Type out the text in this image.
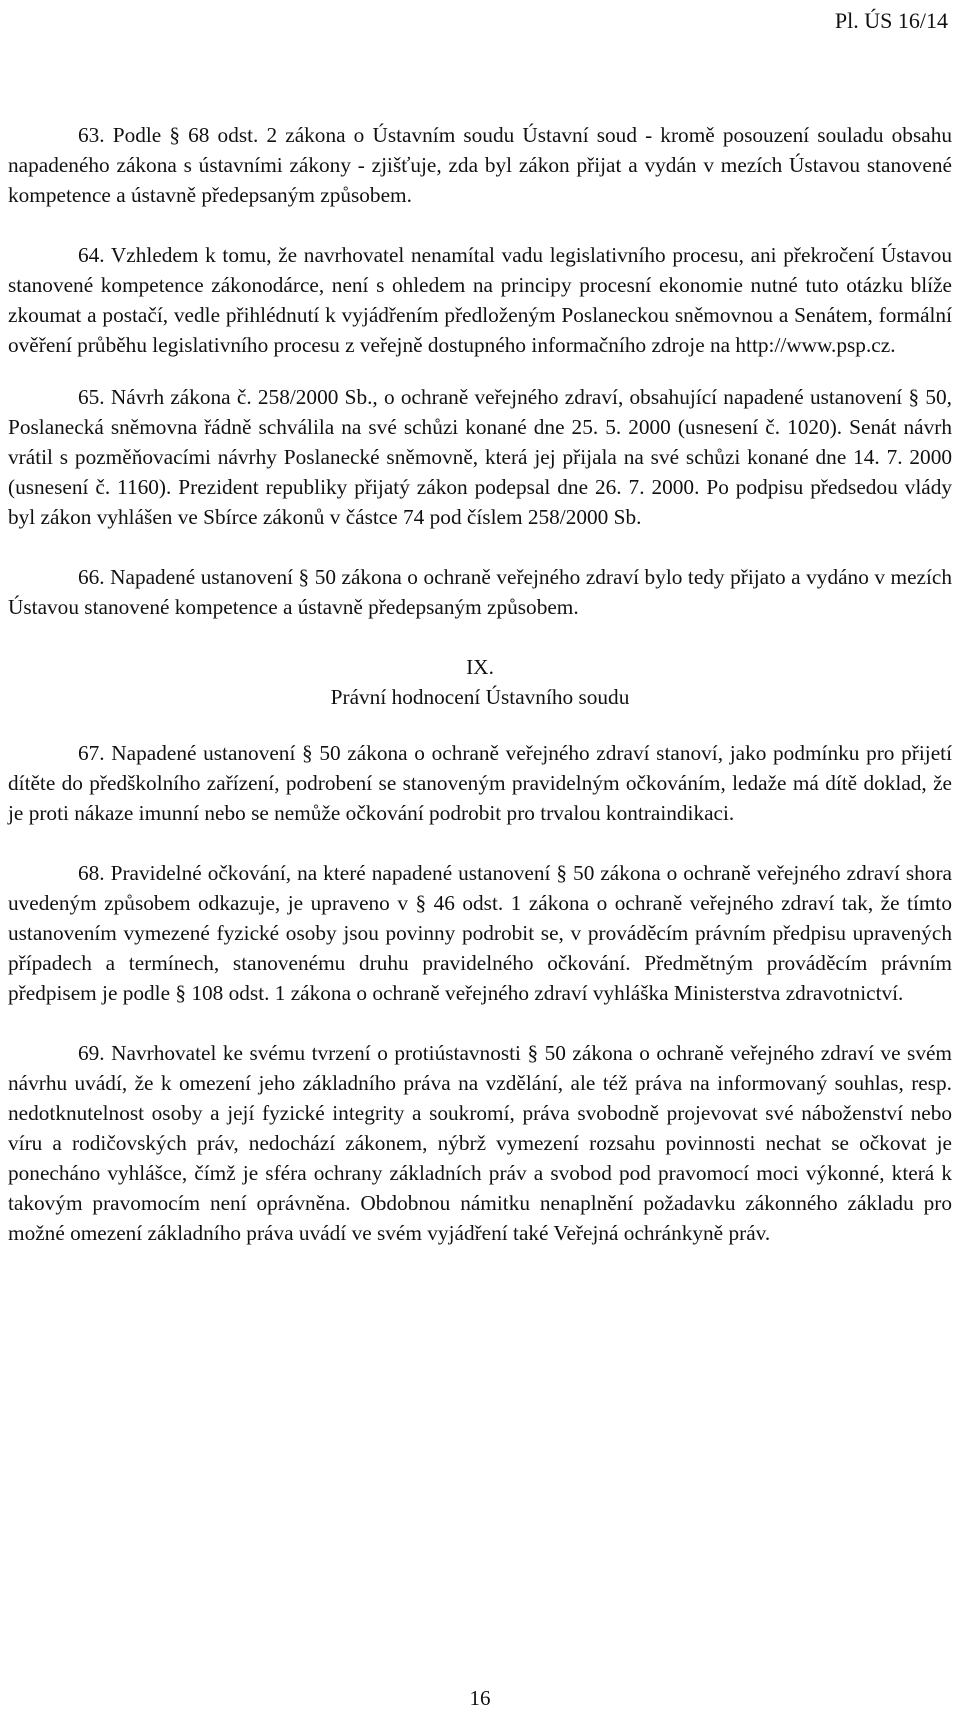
Pl. ÚS 16/14

63. Podle § 68 odst. 2 zákona o Ústavním soudu Ústavní soud - kromě posouzení souladu obsahu napadeného zákona s ústavními zákony - zjišťuje, zda byl zákon přijat a vydán v mezích Ústavou stanovené kompetence a ústavně předepsaným způsobem.

64. Vzhledem k tomu, že navrhovatel nenamítal vadu legislativního procesu, ani překročení Ústavou stanovené kompetence zákonodárce, není s ohledem na principy procesní ekonomie nutné tuto otázku blíže zkoumat a postačí, vedle přihlédnutí k vyjádřením předloženým Poslaneckou sněmovnou a Senátem, formální ověření průběhu legislativního procesu z veřejně dostupného informačního zdroje na http://www.psp.cz.

65. Návrh zákona č. 258/2000 Sb., o ochraně veřejného zdraví, obsahující napadené ustanovení § 50, Poslanecká sněmovna řádně schválila na své schůzi konané dne 25. 5. 2000 (usnesení č. 1020). Senát návrh vrátil s pozměňovacími návrhy Poslanecké sněmovně, která jej přijala na své schůzi konané dne 14. 7. 2000 (usnesení č. 1160). Prezident republiky přijatý zákon podepsal dne 26. 7. 2000. Po podpisu předsedou vlády byl zákon vyhlášen ve Sbírce zákonů v částce 74 pod číslem 258/2000 Sb.

66. Napadené ustanovení § 50 zákona o ochraně veřejného zdraví bylo tedy přijato a vydáno v mezích Ústavou stanovené kompetence a ústavně předepsaným způsobem.

IX.
Právní hodnocení Ústavního soudu

67. Napadené ustanovení § 50 zákona o ochraně veřejného zdraví stanoví, jako podmínku pro přijetí dítěte do předškolního zařízení, podrobení se stanoveným pravidelným očkováním, ledaže má dítě doklad, že je proti nákaze imunní nebo se nemůže očkování podrobit pro trvalou kontraindikaci.

68. Pravidelné očkování, na které napadené ustanovení § 50 zákona o ochraně veřejného zdraví shora uvedeným způsobem odkazuje, je upraveno v § 46 odst. 1 zákona o ochraně veřejného zdraví tak, že tímto ustanovením vymezené fyzické osoby jsou povinny podrobit se, v prováděcím právním předpisu upravených případech a termínech, stanovenému druhu pravidelného očkování. Předmětným prováděcím právním předpisem je podle § 108 odst. 1 zákona o ochraně veřejného zdraví vyhláška Ministerstva zdravotnictví.

69. Navrhovatel ke svému tvrzení o protiústavnosti § 50 zákona o ochraně veřejného zdraví ve svém návrhu uvádí, že k omezení jeho základního práva na vzdělání, ale též práva na informovaný souhlas, resp. nedotknutelnost osoby a její fyzické integrity a soukromí, práva svobodně projevovat své náboženství nebo víru a rodičovských práv, nedochází zákonem, nýbrž vymezení rozsahu povinnosti nechat se očkovat je ponecháno vyhlášce, čímž je sféra ochrany základních práv a svobod pod pravomocí moci výkonné, která k takovým pravomocím není oprávněna. Obdobnou námitku nenaplnění požadavku zákonného základu pro možné omezení základního práva uvádí ve svém vyjádření také Veřejná ochránkyně práv.

16
